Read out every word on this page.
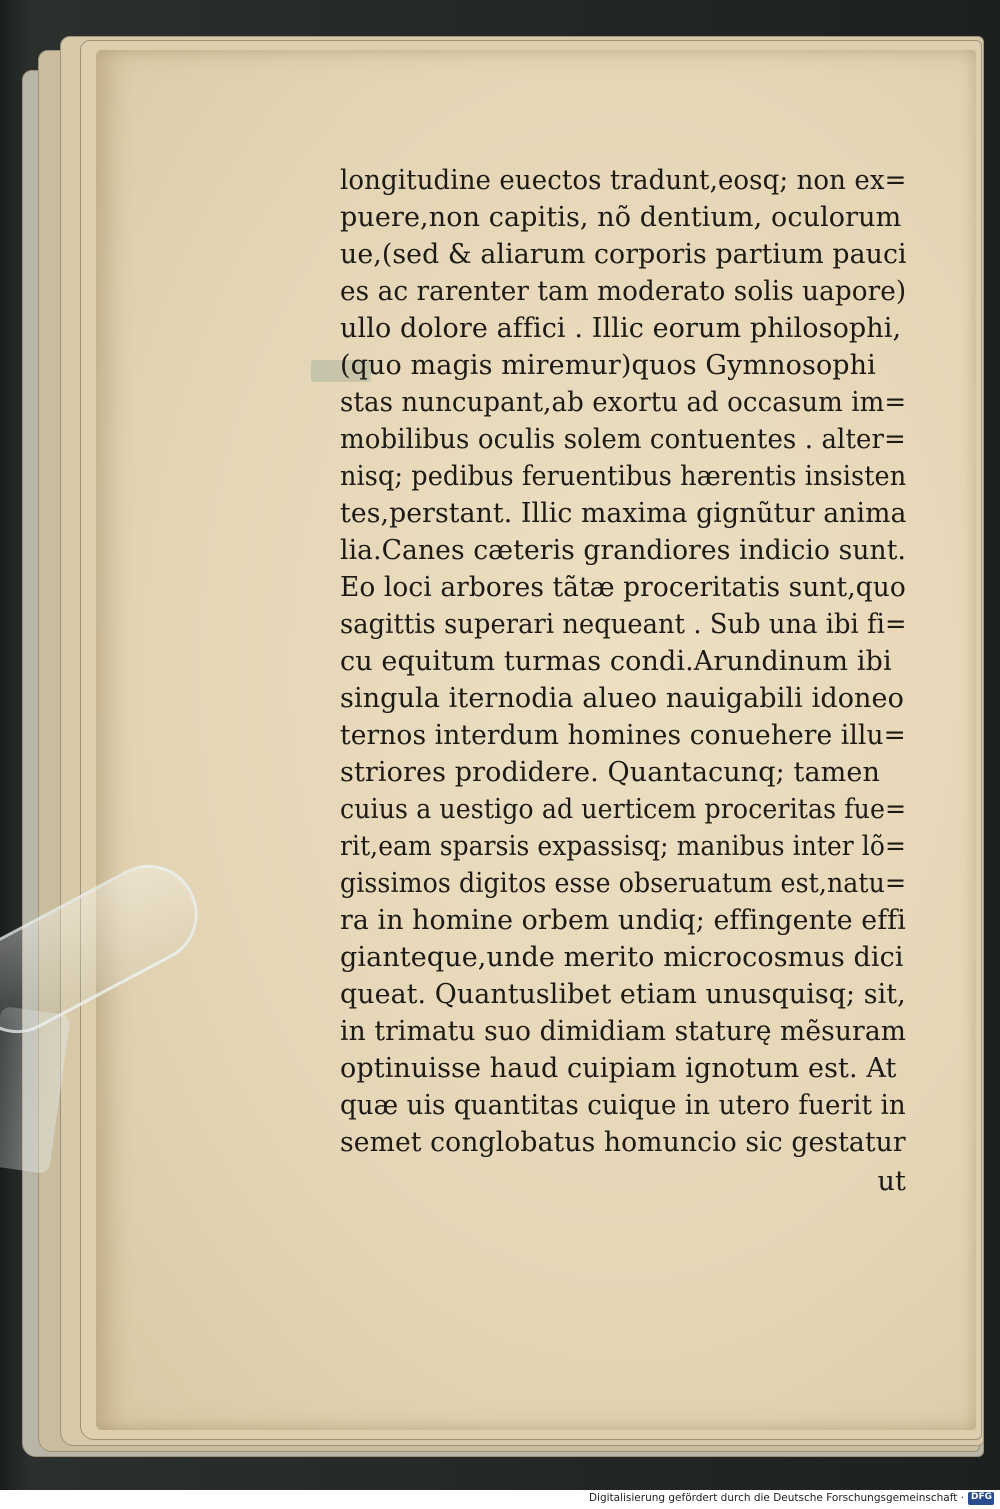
longitudine euectos tradunt,eosq; non ex=
puere,non capitis, nõ dentium, oculorum
ue,(sed & aliarum corporis partium pauci
es ac rarenter tam moderato solis uapore)
ullo dolore affici . Illic eorum philosophi,
(quo magis miremur)quos Gymnosophi
stas nuncupant,ab exortu ad occasum im=
mobilibus oculis solem contuentes . alter=
nisq; pedibus feruentibus hærentis insisten
tes,perstant. Illic maxima gignũtur anima
lia.Canes cæteris grandiores indicio sunt.
Eo loci arbores tãtæ proceritatis sunt,quo
sagittis superari nequeant . Sub una ibi fi=
cu equitum turmas condi.Arundinum ibi
singula iternodia alueo nauigabili idoneo
ternos interdum homines conuehere illu=
striores prodidere. Quantacunq; tamen
cuius a uestigo ad uerticem proceritas fue=
rit,eam sparsis expassisq; manibus inter lõ=
gissimos digitos esse obseruatum est,natu=
ra in homine orbem undiq; effingente effi
gianteque,unde merito microcosmus dici
queat. Quantuslibet etiam unusquisq; sit,
in trimatu suo dimidiam staturę mẽsuram
optinuisse haud cuipiam ignotum est. At
quæ uis quantitas cuique in utero fuerit in
semet conglobatus homuncio sic gestatur
ut
Digitalisierung gefördert durch die Deutsche Forschungsgemeinschaft ·
DFG
